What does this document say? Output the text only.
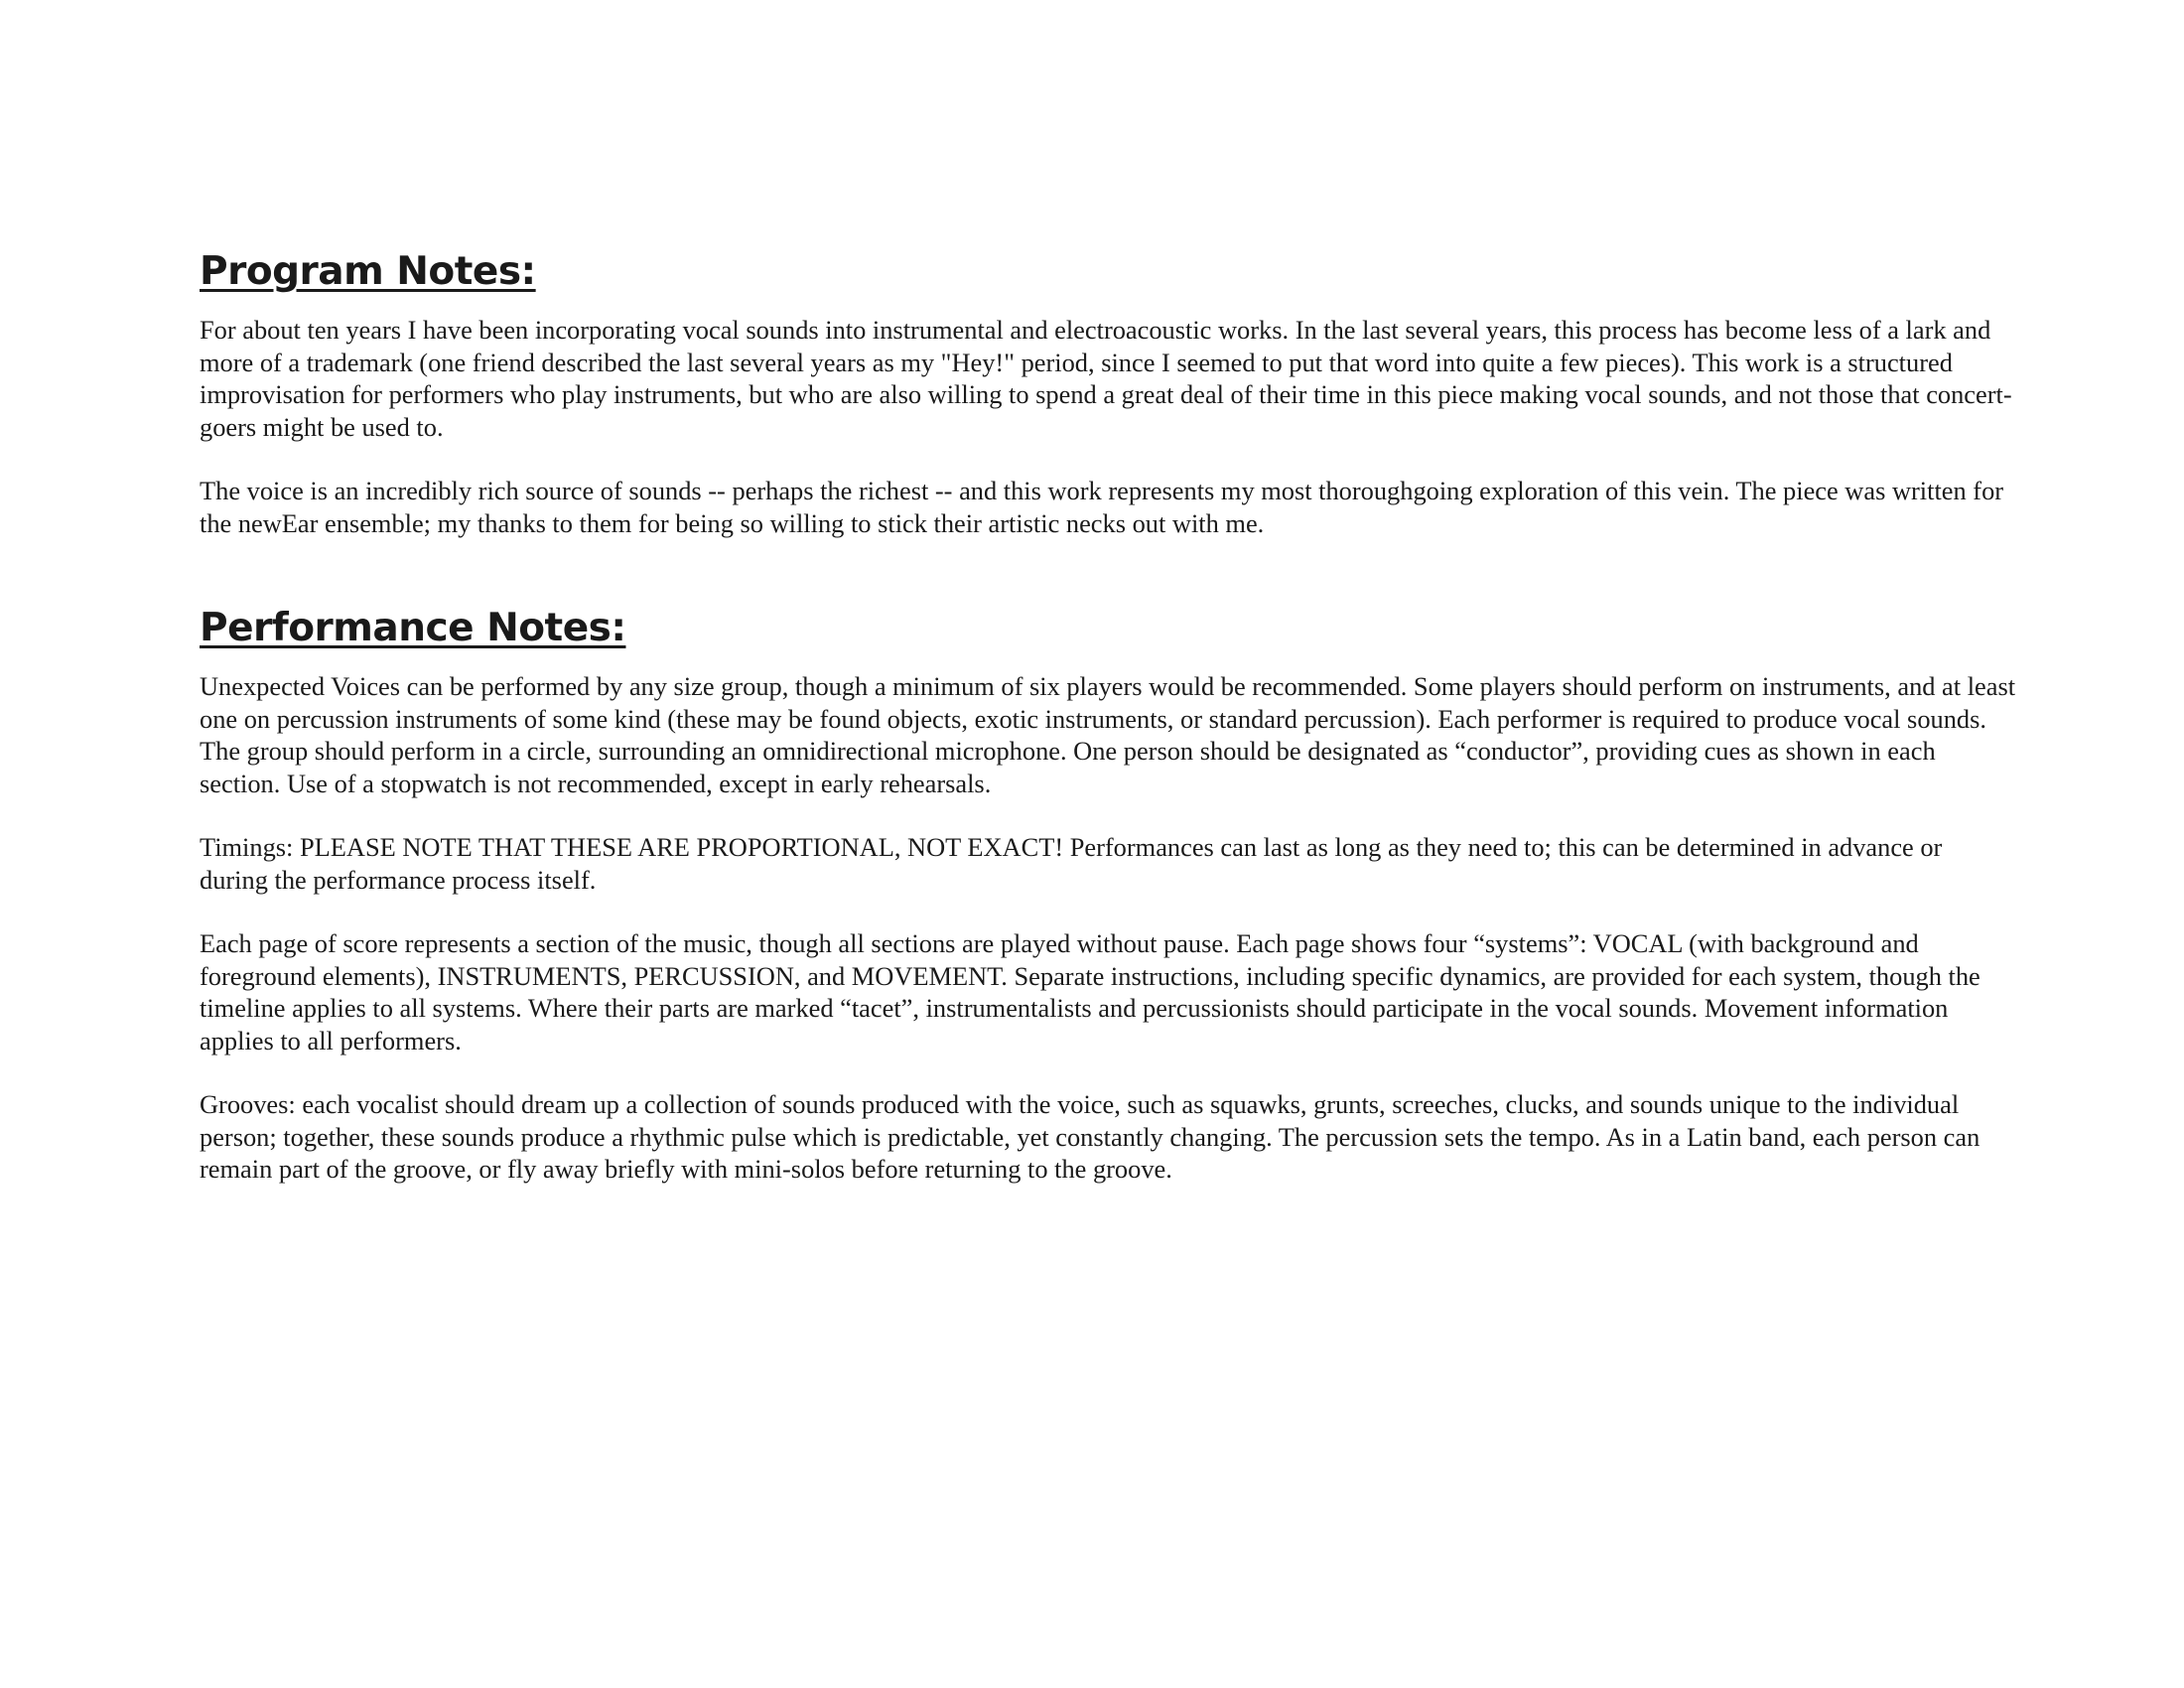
Program Notes:

For about ten years I have been incorporating vocal sounds into instrumental and electroacoustic works. In the last several years, this process has become less of a lark and more of a trademark (one friend described the last several years as my "Hey!" period, since I seemed to put that word into quite a few pieces). This work is a structured improvisation for performers who play instruments, but who are also willing to spend a great deal of their time in this piece making vocal sounds, and not those that concert-goers might be used to.

The voice is an incredibly rich source of sounds -- perhaps the richest -- and this work represents my most thoroughgoing exploration of this vein. The piece was written for the newEar ensemble; my thanks to them for being so willing to stick their artistic necks out with me.

Performance Notes:

Unexpected Voices can be performed by any size group, though a minimum of six players would be recommended. Some players should perform on instruments, and at least one on percussion instruments of some kind (these may be found objects, exotic instruments, or standard percussion). Each performer is required to produce vocal sounds. The group should perform in a circle, surrounding an omnidirectional microphone. One person should be designated as “conductor”, providing cues as shown in each section. Use of a stopwatch is not recommended, except in early rehearsals.

Timings: PLEASE NOTE THAT THESE ARE PROPORTIONAL, NOT EXACT! Performances can last as long as they need to; this can be determined in advance or during the performance process itself.

Each page of score represents a section of the music, though all sections are played without pause. Each page shows four “systems”: VOCAL (with background and foreground elements), INSTRUMENTS, PERCUSSION, and MOVEMENT. Separate instructions, including specific dynamics, are provided for each system, though the timeline applies to all systems. Where their parts are marked “tacet”, instrumentalists and percussionists should participate in the vocal sounds. Movement information applies to all performers.

Grooves: each vocalist should dream up a collection of sounds produced with the voice, such as squawks, grunts, screeches, clucks, and sounds unique to the individual person; together, these sounds produce a rhythmic pulse which is predictable, yet constantly changing. The percussion sets the tempo. As in a Latin band, each person can remain part of the groove, or fly away briefly with mini-solos before returning to the groove.
